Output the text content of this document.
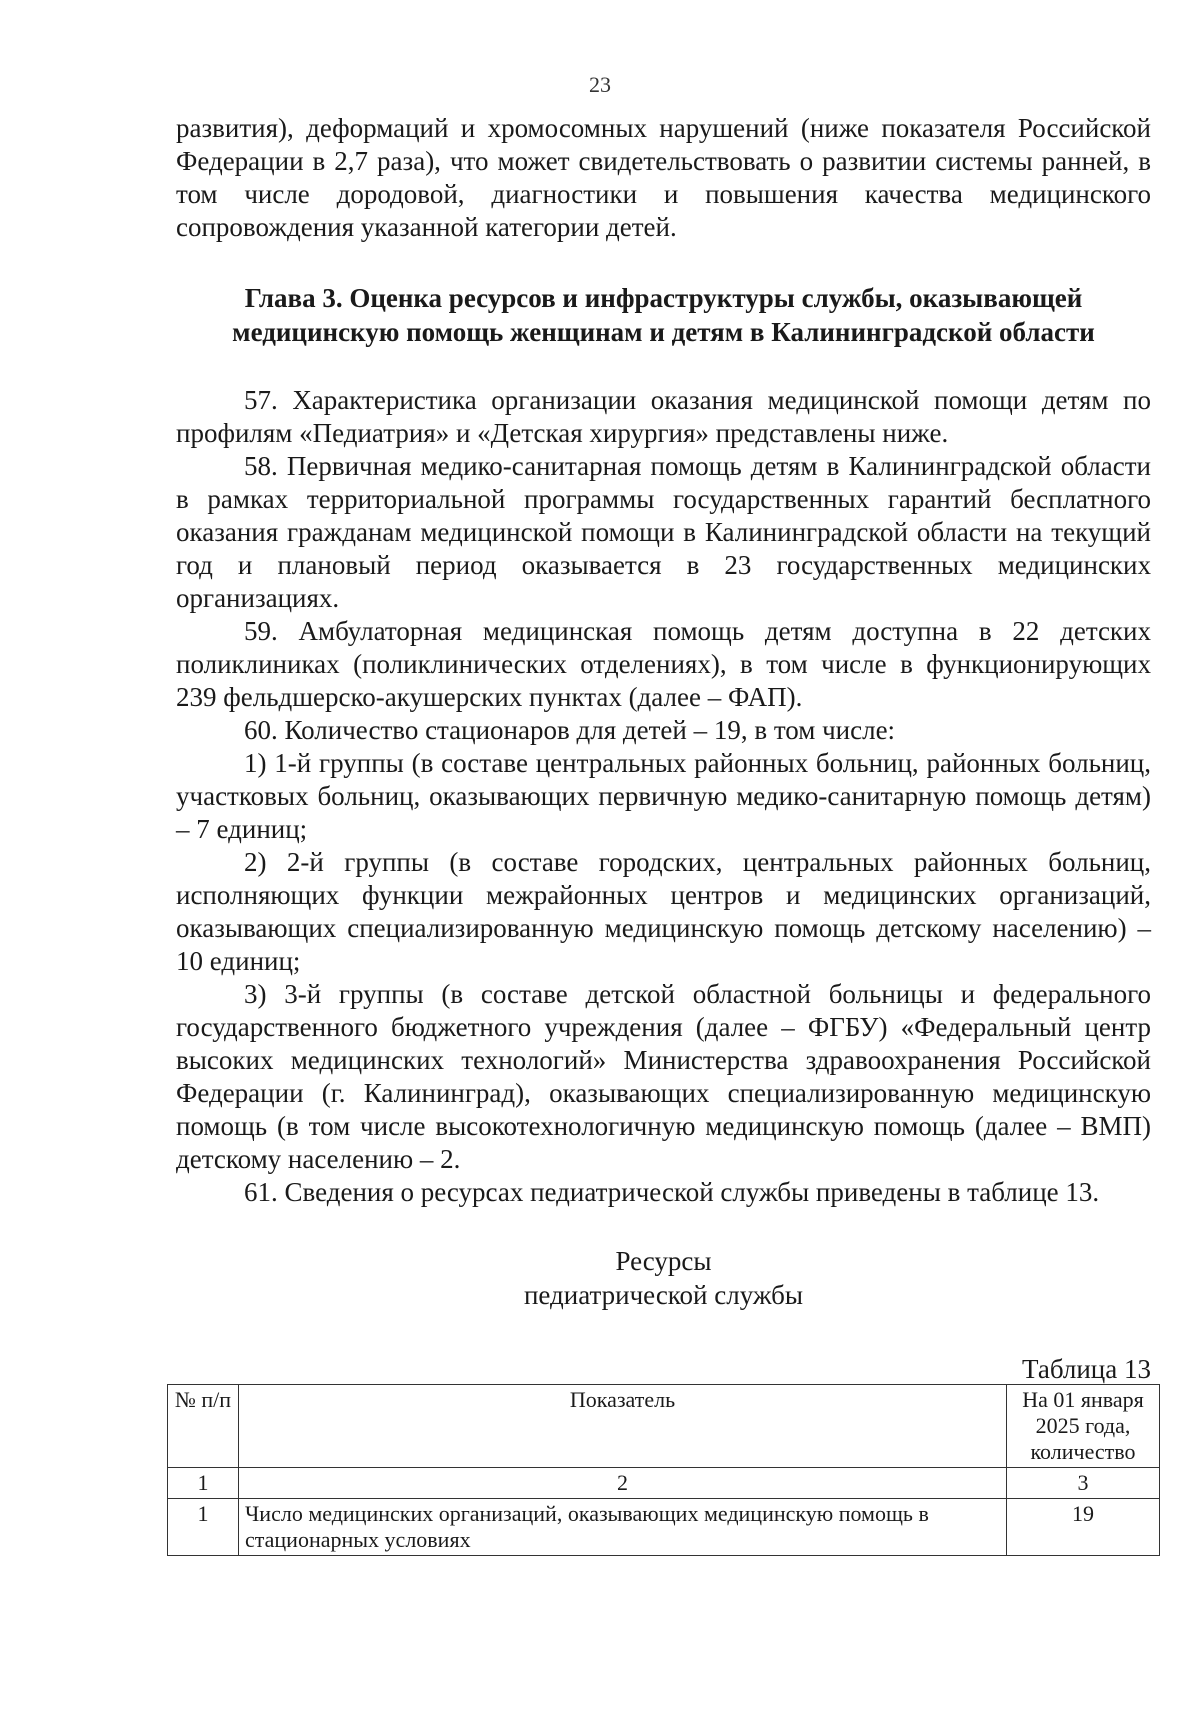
23

развития), деформаций и хромосомных нарушений (ниже показателя Российской Федерации в 2,7 раза), что может свидетельствовать о развитии системы ранней, в том числе дородовой, диагностики и повышения качества медицинского сопровождения указанной категории детей.

Глава 3. Оценка ресурсов и инфраструктуры службы, оказывающей
медицинскую помощь женщинам и детям в Калининградской области

57. Характеристика организации оказания медицинской помощи детям по профилям «Педиатрия» и «Детская хирургия» представлены ниже.

58. Первичная медико-санитарная помощь детям в Калининградской области в рамках территориальной программы государственных гарантий бесплатного оказания гражданам медицинской помощи в Калининградской области на текущий год и плановый период оказывается в 23 государственных медицинских организациях.

59. Амбулаторная медицинская помощь детям доступна в 22 детских поликлиниках (поликлинических отделениях), в том числе в функционирующих 239 фельдшерско-акушерских пунктах (далее – ФАП).

60. Количество стационаров для детей – 19, в том числе:

1) 1-й группы (в составе центральных районных больниц, районных больниц, участковых больниц, оказывающих первичную медико-санитарную помощь детям) – 7 единиц;

2) 2-й группы (в составе городских, центральных районных больниц, исполняющих функции межрайонных центров и медицинских организаций, оказывающих специализированную медицинскую помощь детскому населению) – 10 единиц;

3) 3-й группы (в составе детской областной больницы и федерального государственного бюджетного учреждения (далее – ФГБУ) «Федеральный центр высоких медицинских технологий» Министерства здравоохранения Российской Федерации (г. Калининград), оказывающих специализированную медицинскую помощь (в том числе высокотехнологичную медицинскую помощь (далее – ВМП) детскому населению – 2.

61. Сведения о ресурсах педиатрической службы приведены в таблице 13.

Ресурсы
педиатрической службы
Таблица 13
№ п/п	Показатель	На 01 января 2025 года, количество
1	2	3
1	Число медицинских организаций, оказывающих медицинскую помощь в стационарных условиях	19
